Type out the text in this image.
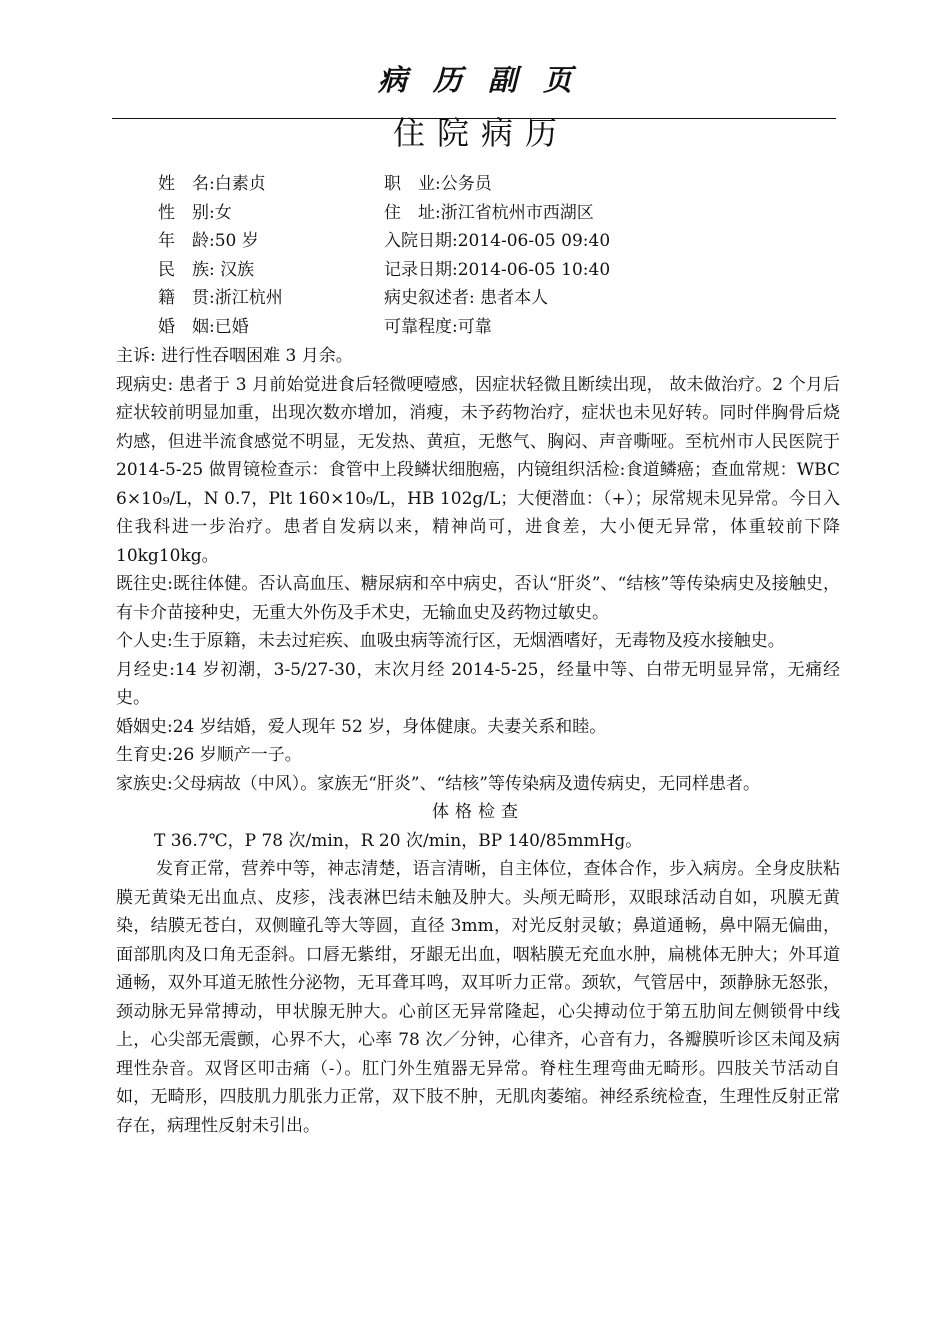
病历副页
住院病历
姓　名:白素贞	职　业:公务员
性　别:女	住　址:浙江省杭州市西湖区
年　龄:50 岁	入院日期:2014-06-05 09:40
民　族: 汉族	记录日期:2014-06-05 10:40
籍　贯:浙江杭州	病史叙述者: 患者本人
婚　姻:已婚	可靠程度:可靠

主诉: 进行性吞咽困难 3 月余。

现病史: 患者于 3 月前始觉进食后轻微哽噎感，因症状轻微且断续出现， 故未做治疗。2 个月后症状较前明显加重，出现次数亦增加，消瘦，未予药物治疗，症状也未见好转。同时伴胸骨后烧灼感，但进半流食感觉不明显，无发热、黄疸，无憋气、胸闷、声音嘶哑。至杭州市人民医院于 2014-5-25 做胃镜检查示：食管中上段鳞状细胞癌，内镜组织活检:食道鳞癌；查血常规：WBC 6×10₉/L，N 0.7，Plt 160×10₉/L，HB 102g/L；大便潜血：（+）；尿常规未见异常。今日入住我科进一步治疗。患者自发病以来，精神尚可，进食差，大小便无异常，体重较前下降10kg10kg。

既往史:既往体健。否认高血压、糖尿病和卒中病史，否认“肝炎”、“结核”等传染病史及接触史，有卡介苗接种史，无重大外伤及手术史，无输血史及药物过敏史。

个人史:生于原籍，未去过疟疾、血吸虫病等流行区，无烟酒嗜好，无毒物及疫水接触史。

月经史:14 岁初潮，3-5/27-30，末次月经 2014-5-25，经量中等、白带无明显异常，无痛经史。

婚姻史:24 岁结婚，爱人现年 52 岁，身体健康。夫妻关系和睦。

生育史:26 岁顺产一子。

家族史:父母病故（中风）。家族无“肝炎”、“结核”等传染病及遗传病史，无同样患者。

体格检查

T 36.7℃，P 78 次/min，R 20 次/min，BP 140/85mmHg。

发育正常，营养中等，神志清楚，语言清晰，自主体位，查体合作，步入病房。全身皮肤粘膜无黄染无出血点、皮疹，浅表淋巴结未触及肿大。头颅无畸形，双眼球活动自如，巩膜无黄染，结膜无苍白，双侧瞳孔等大等圆，直径 3mm，对光反射灵敏；鼻道通畅，鼻中隔无偏曲，面部肌肉及口角无歪斜。口唇无紫绀，牙龈无出血，咽粘膜无充血水肿，扁桃体无肿大；外耳道通畅，双外耳道无脓性分泌物，无耳聋耳鸣，双耳听力正常。颈软，气管居中，颈静脉无怒张，颈动脉无异常搏动，甲状腺无肿大。心前区无异常隆起，心尖搏动位于第五肋间左侧锁骨中线上，心尖部无震颤，心界不大，心率 78 次／分钟，心律齐，心音有力，各瓣膜听诊区未闻及病理性杂音。双肾区叩击痛（-）。肛门外生殖器无异常。脊柱生理弯曲无畸形。四肢关节活动自如，无畸形，四肢肌力肌张力正常，双下肢不肿，无肌肉萎缩。神经系统检查，生理性反射正常存在，病理性反射未引出。
